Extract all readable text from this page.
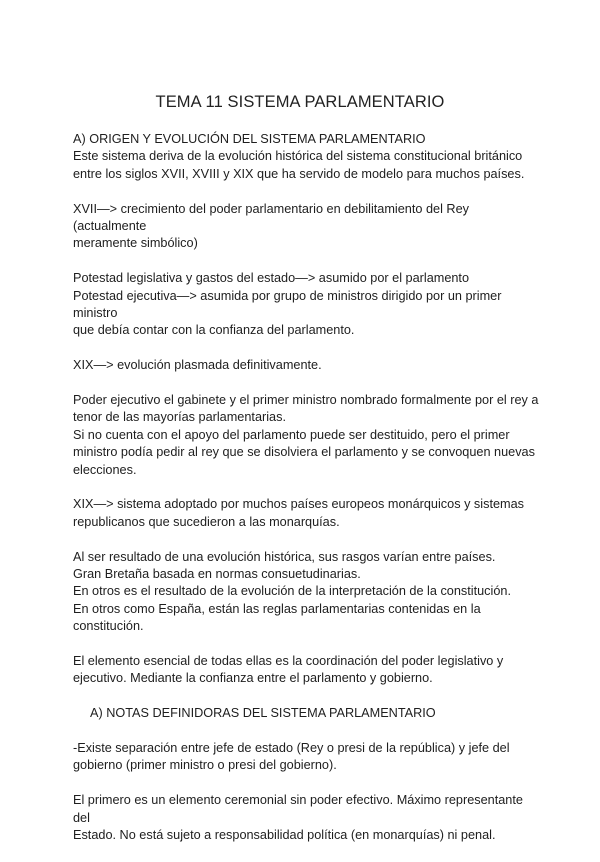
TEMA 11 SISTEMA PARLAMENTARIO

A) ORIGEN Y EVOLUCIÓN DEL SISTEMA PARLAMENTARIO
Este sistema deriva de la evolución histórica del sistema constitucional británico
entre los siglos XVII, XVIII y XIX que ha servido de modelo para muchos países.

XVII—> crecimiento del poder parlamentario en debilitamiento del Rey (actualmente
meramente simbólico)

Potestad legislativa y gastos del estado—> asumido por el parlamento
Potestad ejecutiva—> asumida por grupo de ministros dirigido por un primer ministro
que debía contar con la confianza del parlamento.

XIX—> evolución plasmada definitivamente.

Poder ejecutivo el gabinete y el primer ministro nombrado formalmente por el rey a
tenor de las mayorías parlamentarias.
Si no cuenta con el apoyo del parlamento puede ser destituido, pero el primer
ministro podía pedir al rey que se disolviera el parlamento y se convoquen nuevas
elecciones.

XIX—> sistema adoptado por muchos países europeos monárquicos y sistemas
republicanos que sucedieron a las monarquías.

Al ser resultado de una evolución histórica, sus rasgos varían entre países.
Gran Bretaña basada en normas consuetudinarias.
En otros es el resultado de la evolución de la interpretación de la constitución.
En otros como España, están las reglas parlamentarias contenidas en la
constitución.

El elemento esencial de todas ellas es la coordinación del poder legislativo y
ejecutivo. Mediante la confianza entre el parlamento y gobierno.

A) NOTAS DEFINIDORAS DEL SISTEMA PARLAMENTARIO

-Existe separación entre jefe de estado (Rey o presi de la república) y jefe del
gobierno (primer ministro o presi del gobierno).

El primero es un elemento ceremonial sin poder efectivo. Máximo representante del
Estado. No está sujeto a responsabilidad política (en monarquías) ni penal.
